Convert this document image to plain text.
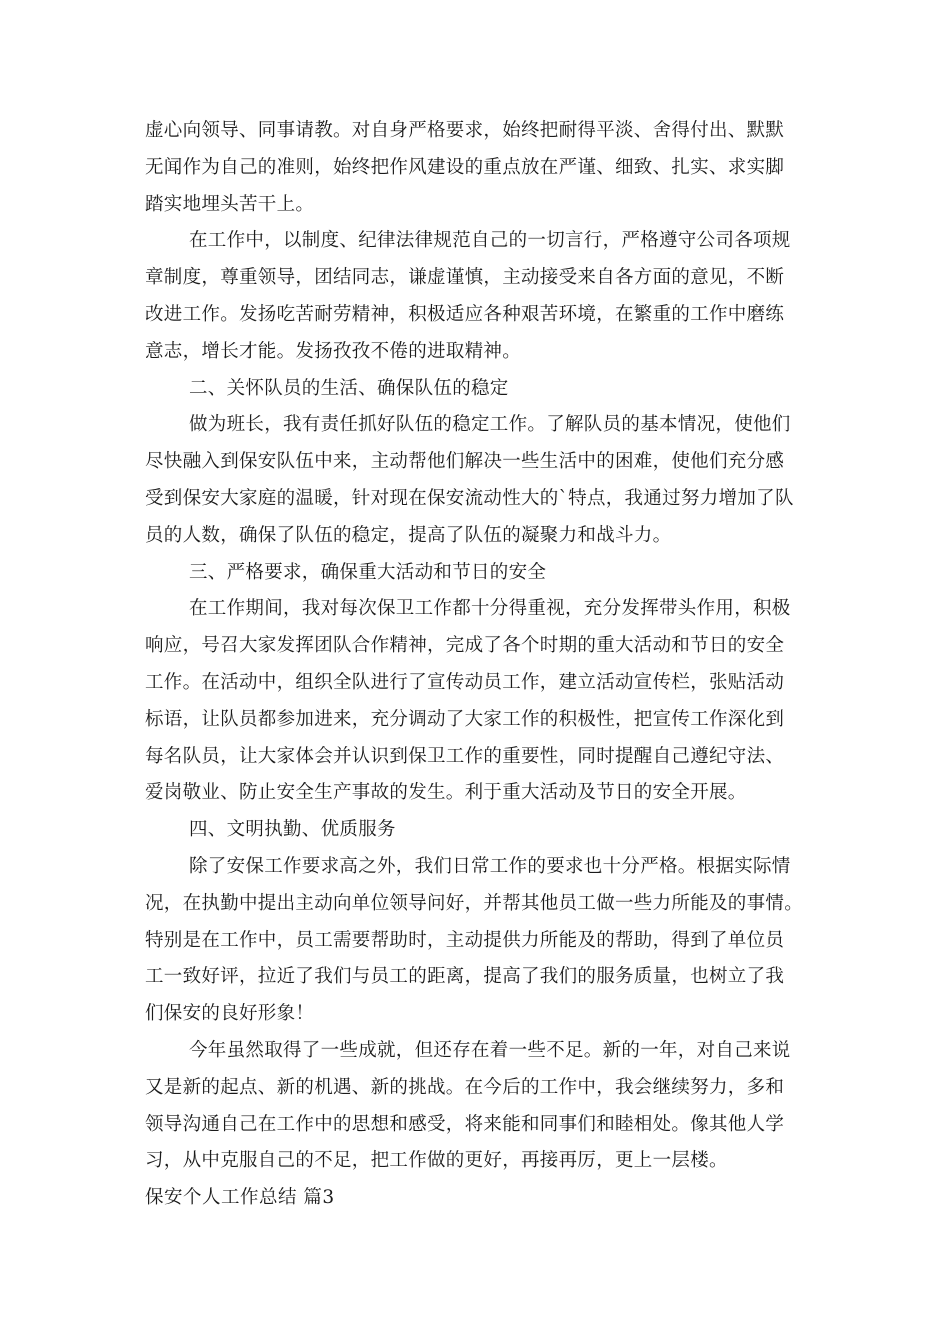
虚心向领导、同事请教。对自身严格要求，始终把耐得平淡、舍得付出、默默
无闻作为自己的准则，始终把作风建设的重点放在严谨、细致、扎实、求实脚
踏实地埋头苦干上。
在工作中，以制度、纪律法律规范自己的一切言行，严格遵守公司各项规
章制度，尊重领导，团结同志，谦虚谨慎，主动接受来自各方面的意见，不断
改进工作。发扬吃苦耐劳精神，积极适应各种艰苦环境，在繁重的工作中磨练
意志，增长才能。发扬孜孜不倦的进取精神。
二、关怀队员的生活、确保队伍的稳定
做为班长，我有责任抓好队伍的稳定工作。了解队员的基本情况，使他们
尽快融入到保安队伍中来，主动帮他们解决一些生活中的困难，使他们充分感
受到保安大家庭的温暖，针对现在保安流动性大的`特点，我通过努力增加了队
员的人数，确保了队伍的稳定，提高了队伍的凝聚力和战斗力。
三、严格要求，确保重大活动和节日的安全
在工作期间，我对每次保卫工作都十分得重视，充分发挥带头作用，积极
响应，号召大家发挥团队合作精神，完成了各个时期的重大活动和节日的安全
工作。在活动中，组织全队进行了宣传动员工作，建立活动宣传栏，张贴活动
标语，让队员都参加进来，充分调动了大家工作的积极性，把宣传工作深化到
每名队员，让大家体会并认识到保卫工作的重要性，同时提醒自己遵纪守法、
爱岗敬业、防止安全生产事故的发生。利于重大活动及节日的安全开展。
四、文明执勤、优质服务
除了安保工作要求高之外，我们日常工作的要求也十分严格。根据实际情
况，在执勤中提出主动向单位领导问好，并帮其他员工做一些力所能及的事情。
特别是在工作中，员工需要帮助时，主动提供力所能及的帮助，得到了单位员
工一致好评，拉近了我们与员工的距离，提高了我们的服务质量，也树立了我
们保安的良好形象！
今年虽然取得了一些成就，但还存在着一些不足。新的一年，对自己来说
又是新的起点、新的机遇、新的挑战。在今后的工作中，我会继续努力，多和
领导沟通自己在工作中的思想和感受，将来能和同事们和睦相处。像其他人学
习，从中克服自己的不足，把工作做的更好，再接再厉，更上一层楼。
保安个人工作总结 篇3
